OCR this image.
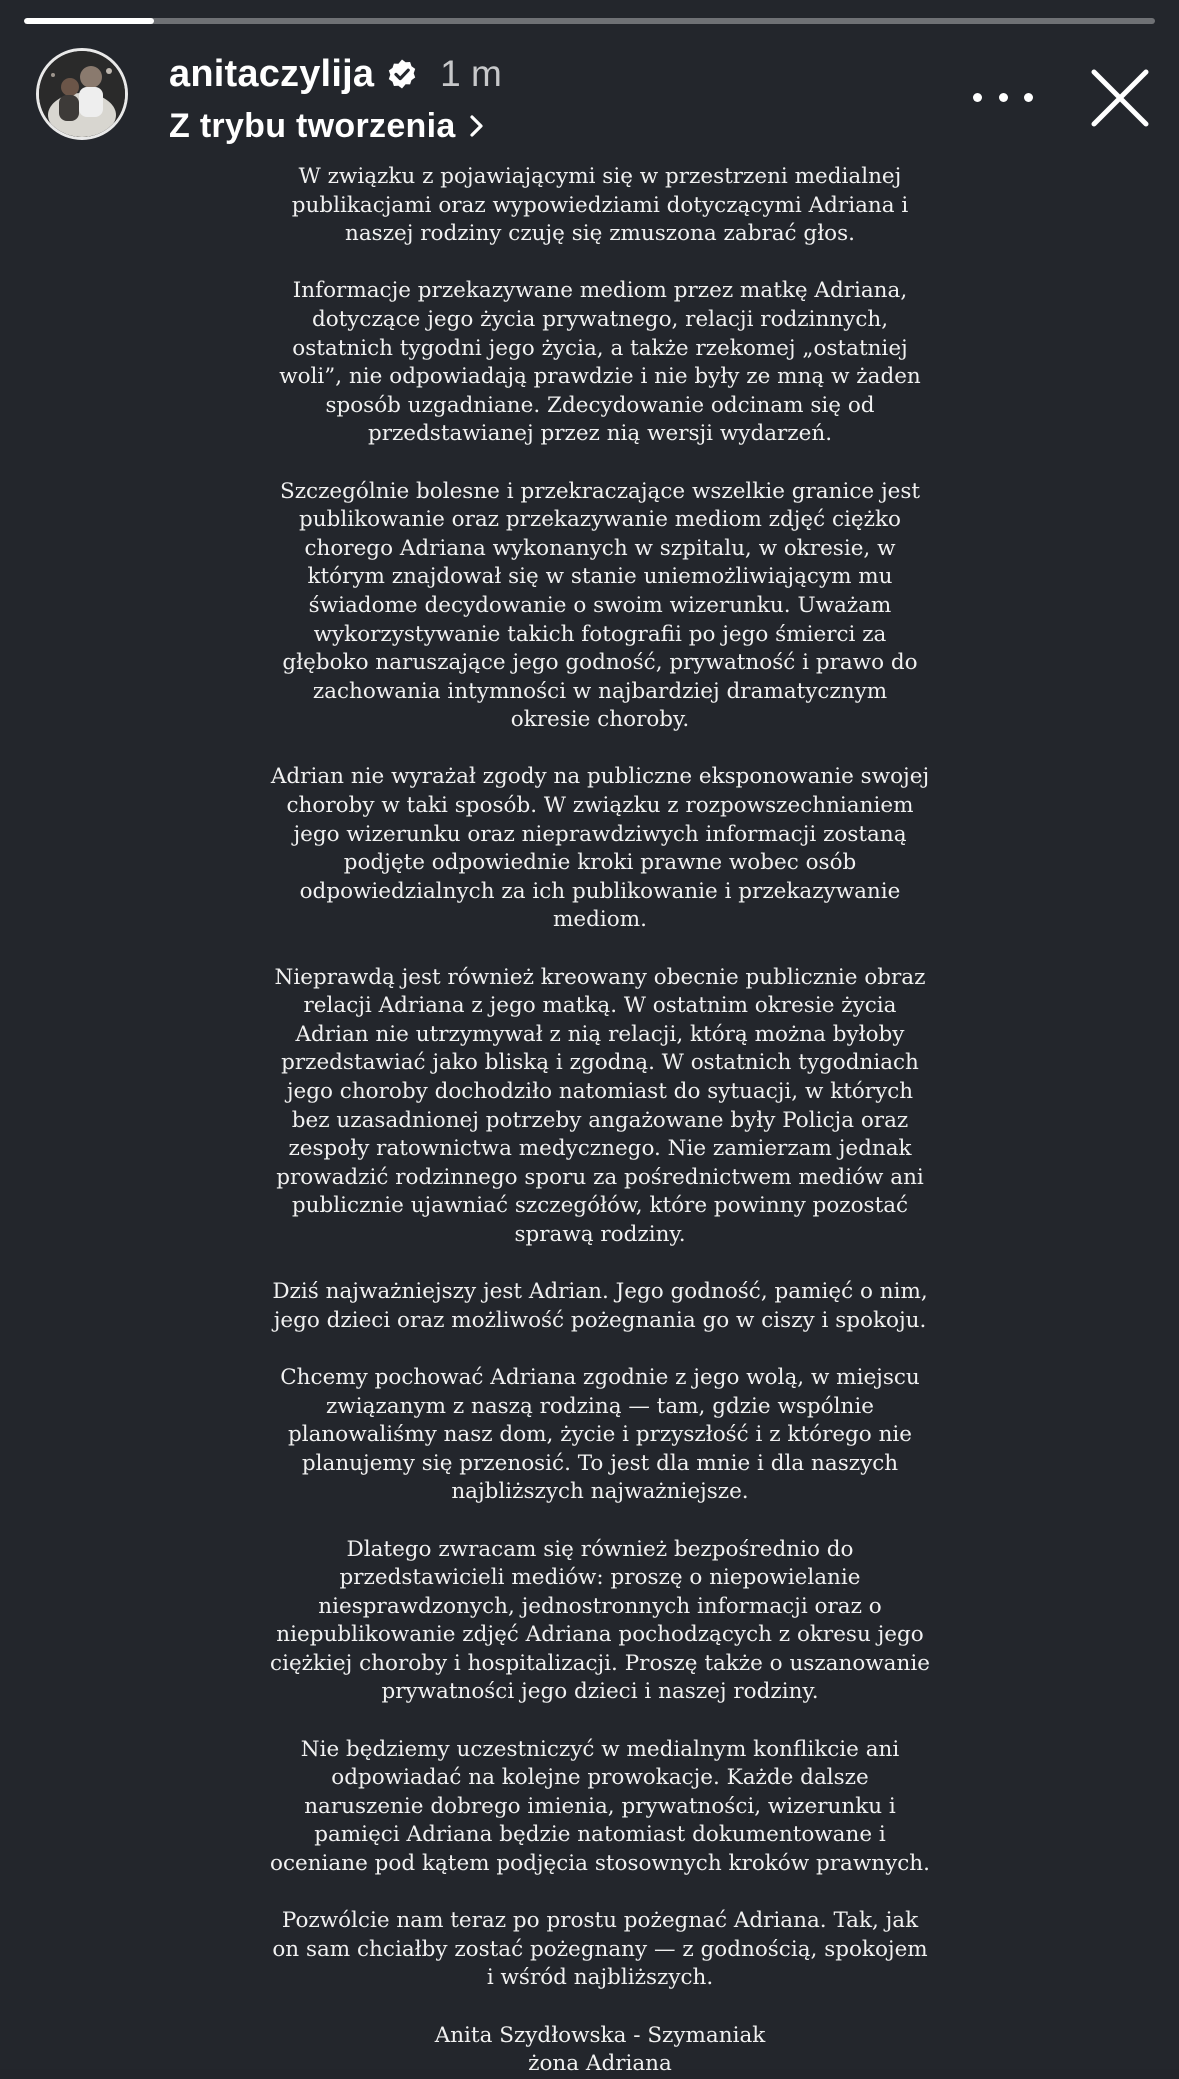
anitaczylija 1 m
Z trybu tworzenia

W związku z pojawiającymi się w przestrzeni medialnej publikacjami oraz wypowiedziami dotyczącymi Adriana i naszej rodziny czuję się zmuszona zabrać głos.

Informacje przekazywane mediom przez matkę Adriana, dotyczące jego życia prywatnego, relacji rodzinnych, ostatnich tygodni jego życia, a także rzekomej „ostatniej woli”, nie odpowiadają prawdzie i nie były ze mną w żaden sposób uzgadniane. Zdecydowanie odcinam się od przedstawianej przez nią wersji wydarzeń.

Szczególnie bolesne i przekraczające wszelkie granice jest publikowanie oraz przekazywanie mediom zdjęć ciężko chorego Adriana wykonanych w szpitalu, w okresie, w którym znajdował się w stanie uniemożliwiającym mu świadome decydowanie o swoim wizerunku. Uważam wykorzystywanie takich fotografii po jego śmierci za głęboko naruszające jego godność, prywatność i prawo do zachowania intymności w najbardziej dramatycznym okresie choroby.

Adrian nie wyrażał zgody na publiczne eksponowanie swojej choroby w taki sposób. W związku z rozpowszechnianiem jego wizerunku oraz nieprawdziwych informacji zostaną podjęte odpowiednie kroki prawne wobec osób odpowiedzialnych za ich publikowanie i przekazywanie mediom.

Nieprawdą jest również kreowany obecnie publicznie obraz relacji Adriana z jego matką. W ostatnim okresie życia Adrian nie utrzymywał z nią relacji, którą można byłoby przedstawiać jako bliską i zgodną. W ostatnich tygodniach jego choroby dochodziło natomiast do sytuacji, w których bez uzasadnionej potrzeby angażowane były Policja oraz zespoły ratownictwa medycznego. Nie zamierzam jednak prowadzić rodzinnego sporu za pośrednictwem mediów ani publicznie ujawniać szczegółów, które powinny pozostać sprawą rodziny.

Dziś najważniejszy jest Adrian. Jego godność, pamięć o nim, jego dzieci oraz możliwość pożegnania go w ciszy i spokoju.

Chcemy pochować Adriana zgodnie z jego wolą, w miejscu związanym z naszą rodziną — tam, gdzie wspólnie planowaliśmy nasz dom, życie i przyszłość i z którego nie planujemy się przenosić. To jest dla mnie i dla naszych najbliższych najważniejsze.

Dlatego zwracam się również bezpośrednio do przedstawicieli mediów: proszę o niepowielanie niesprawdzonych, jednostronnych informacji oraz o niepublikowanie zdjęć Adriana pochodzących z okresu jego ciężkiej choroby i hospitalizacji. Proszę także o uszanowanie prywatności jego dzieci i naszej rodziny.

Nie będziemy uczestniczyć w medialnym konflikcie ani odpowiadać na kolejne prowokacje. Każde dalsze naruszenie dobrego imienia, prywatności, wizerunku i pamięci Adriana będzie natomiast dokumentowane i oceniane pod kątem podjęcia stosownych kroków prawnych.

Pozwólcie nam teraz po prostu pożegnać Adriana. Tak, jak on sam chciałby zostać pożegnany — z godnością, spokojem i wśród najbliższych.

Anita Szydłowska - Szymaniak
żona Adriana
